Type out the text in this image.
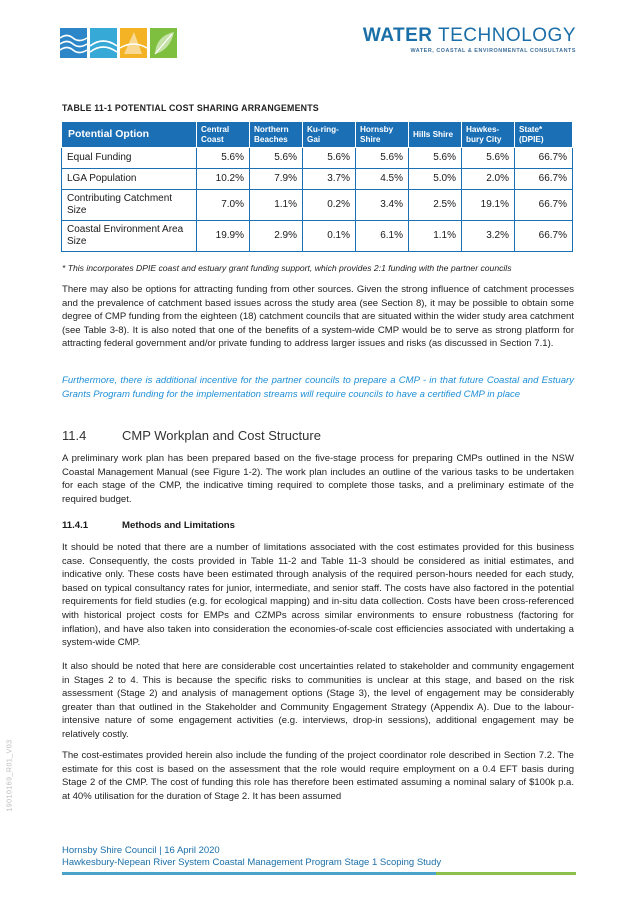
WATER TECHNOLOGY
WATER, COASTAL & ENVIRONMENTAL CONSULTANTS
TABLE 11-1 POTENTIAL COST SHARING ARRANGEMENTS
Potential Option	Central Coast	Northern Beaches	Ku-ring-Gai	Hornsby Shire	Hills Shire	Hawkes-bury City	State* (DPIE)
Equal Funding	5.6%	5.6%	5.6%	5.6%	5.6%	5.6%	66.7%
LGA Population	10.2%	7.9%	3.7%	4.5%	5.0%	2.0%	66.7%
Contributing Catchment Size	7.0%	1.1%	0.2%	3.4%	2.5%	19.1%	66.7%
Coastal Environment Area Size	19.9%	2.9%	0.1%	6.1%	1.1%	3.2%	66.7%
* This incorporates DPIE coast and estuary grant funding support, which provides 2:1 funding with the partner councils

There may also be options for attracting funding from other sources. Given the strong influence of catchment processes and the prevalence of catchment based issues across the study area (see Section 8), it may be possible to obtain some degree of CMP funding from the eighteen (18) catchment councils that are situated within the wider study area catchment (see Table 3-8). It is also noted that one of the benefits of a system-wide CMP would be to serve as strong platform for attracting federal government and/or private funding to address larger issues and risks (as discussed in Section 7.1).

Furthermore, there is additional incentive for the partner councils to prepare a CMP - in that future Coastal and Estuary Grants Program funding for the implementation streams will require councils to have a certified CMP in place

11.4	CMP Workplan and Cost Structure

A preliminary work plan has been prepared based on the five-stage process for preparing CMPs outlined in the NSW Coastal Management Manual (see Figure 1-2). The work plan includes an outline of the various tasks to be undertaken for each stage of the CMP, the indicative timing required to complete those tasks, and a preliminary estimate of the required budget.

11.4.1	Methods and Limitations

It should be noted that there are a number of limitations associated with the cost estimates provided for this business case. Consequently, the costs provided in Table 11-2 and Table 11-3 should be considered as initial estimates, and indicative only. These costs have been estimated through analysis of the required person-hours needed for each study, based on typical consultancy rates for junior, intermediate, and senior staff. The costs have also factored in the potential requirements for field studies (e.g. for ecological mapping) and in-situ data collection. Costs have been cross-referenced with historical project costs for EMPs and CZMPs across similar environments to ensure robustness (factoring for inflation), and have also taken into consideration the economies-of-scale cost efficiencies associated with undertaking a system-wide CMP.

It also should be noted that here are considerable cost uncertainties related to stakeholder and community engagement in Stages 2 to 4. This is because the specific risks to communities is unclear at this stage, and based on the risk assessment (Stage 2) and analysis of management options (Stage 3), the level of engagement may be considerably greater than that outlined in the Stakeholder and Community Engagement Strategy (Appendix A). Due to the labour-intensive nature of some engagement activities (e.g. interviews, drop-in sessions), additional engagement may be relatively costly.

The cost-estimates provided herein also include the funding of the project coordinator role described in Section 7.2. The estimate for this cost is based on the assessment that the role would require employment on a 0.4 EFT basis during Stage 2 of the CMP. The cost of funding this role has therefore been estimated assuming a nominal salary of $100k p.a. at 40% utilisation for the duration of Stage 2. It has been assumed

19010169_R01_V03
Hornsby Shire Council | 16 April 2020
Hawkesbury-Nepean River System Coastal Management Program Stage 1 Scoping Study
